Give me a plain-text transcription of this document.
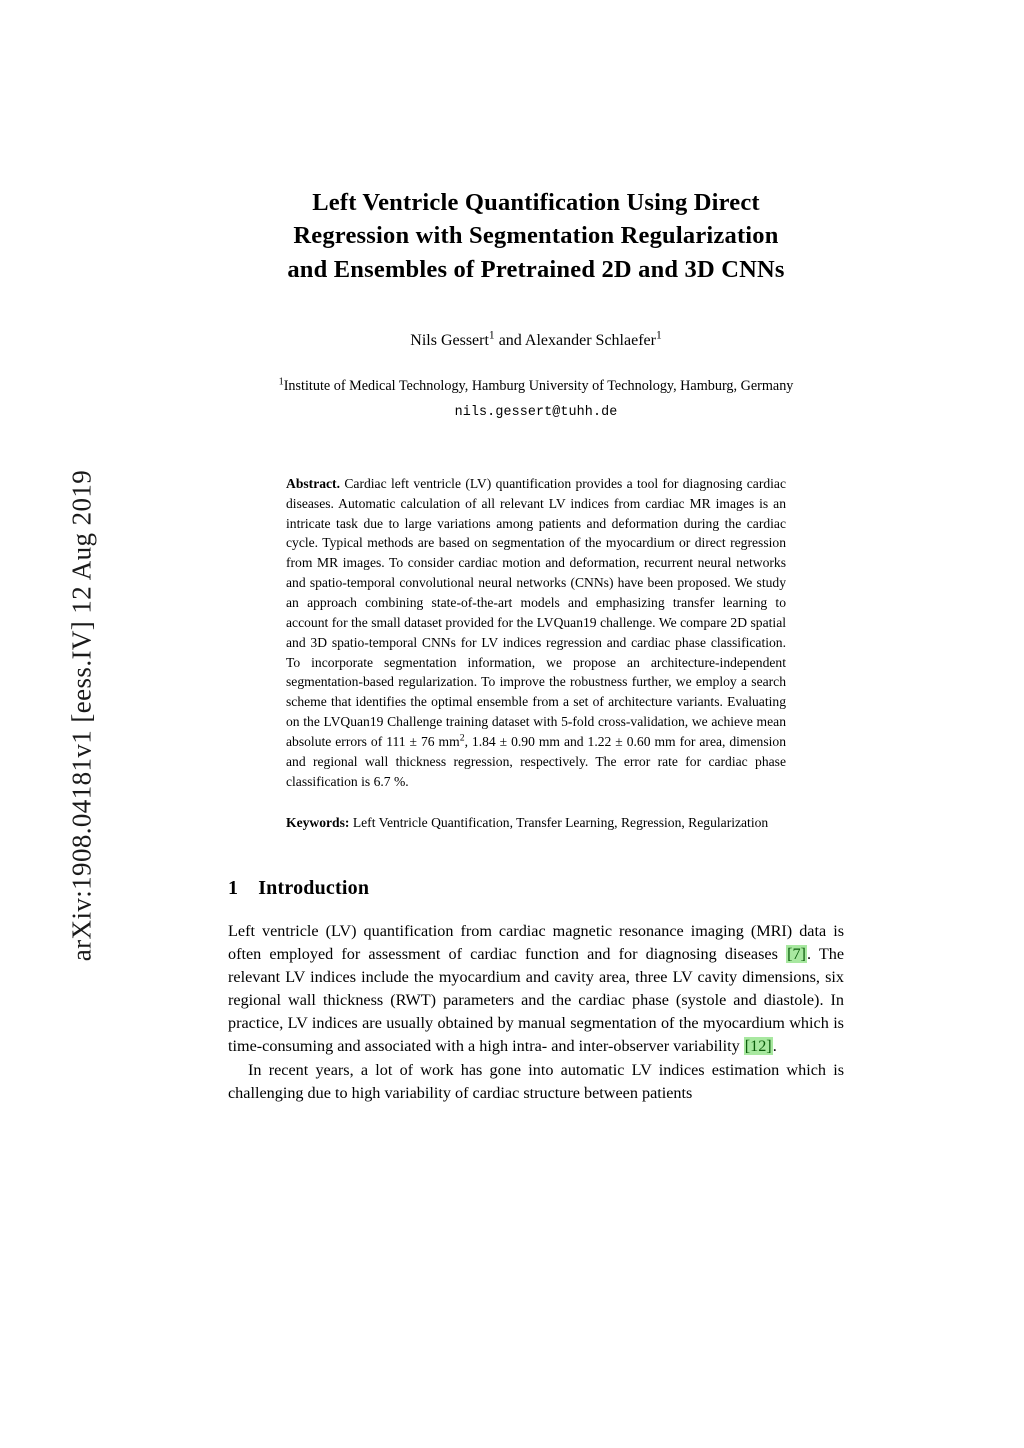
arXiv:1908.04181v1 [eess.IV] 12 Aug 2019
Left Ventricle Quantification Using Direct
Regression with Segmentation Regularization
and Ensembles of Pretrained 2D and 3D CNNs
Nils Gessert$^1$ and Alexander Schlaefer$^1$
$^1$Institute of Medical Technology, Hamburg University of Technology, Hamburg, Germany
nils.gessert@tuhh.de
Abstract. Cardiac left ventricle (LV) quantification provides a tool for diagnosing cardiac diseases. Automatic calculation of all relevant LV indices from cardiac MR images is an intricate task due to large variations among patients and deformation during the cardiac cycle. Typical methods are based on segmentation of the myocardium or direct regression from MR images. To consider cardiac motion and deformation, recurrent neural networks and spatio-temporal convolutional neural networks (CNNs) have been proposed. We study an approach combining state-of-the-art models and emphasizing transfer learning to account for the small dataset provided for the LVQuan19 challenge. We compare 2D spatial and 3D spatio-temporal CNNs for LV indices regression and cardiac phase classification. To incorporate segmentation information, we propose an architecture-independent segmentation-based regularization. To improve the robustness further, we employ a search scheme that identifies the optimal ensemble from a set of architecture variants. Evaluating on the LVQuan19 Challenge training dataset with 5-fold cross-validation, we achieve mean absolute errors of 111 ± 76 $mm^2$, 1.84 ± 0.90 mm and 1.22 ± 0.60 mm for area, dimension and regional wall thickness regression, respectively. The error rate for cardiac phase classification is 6.7 %.
Keywords: Left Ventricle Quantification, Transfer Learning, Regression, Regularization
1 Introduction

Left ventricle (LV) quantification from cardiac magnetic resonance imaging (MRI) data is often employed for assessment of cardiac function and for diagnosing diseases [7]. The relevant LV indices include the myocardium and cavity area, three LV cavity dimensions, six regional wall thickness (RWT) parameters and the cardiac phase (systole and diastole). In practice, LV indices are usually obtained by manual segmentation of the myocardium which is time-consuming and associated with a high intra- and inter-observer variability [12].

In recent years, a lot of work has gone into automatic LV indices estimation which is challenging due to high variability of cardiac structure between patients
